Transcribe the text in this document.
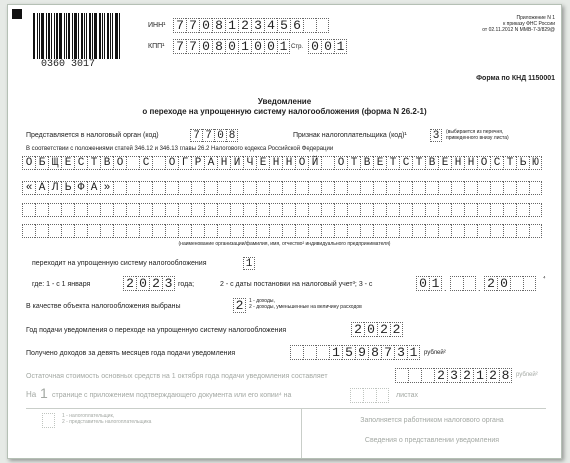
0360 3017
ИНН¹ 7 7 0 8 1 2 3 4 5 6
КПП¹ 7 7 0 8 0 1 0 0 1 Стр. 0 0 1
Приложение N 1
к приказу ФНС России
от 02.11.2012 N ММВ-7-3/829@
Форма по КНД 1150001
Уведомление
о переходе на упрощенную систему налогообложения (форма N 26.2-1)
Представляется в налоговый орган (код)	7 7 0 8	Признак налогоплательщика (код)¹ 3	(выбирается из перечня,
приведенного внизу листа)
В соответствии с положениями статей 346.12 и 346.13 главы 26.2 Налогового кодекса Российской Федерации
О Б Щ Е С Т В О	С	О Г Р А Н И Ч Е Н Н О Й	О Т В Е Т С Т В Е Н Н О С Т Ь Ю
« А Л Ь Ф А »
(наименование организации/фамилия, имя, отчество² индивидуального предпринимателя)
переходит на упрощенную систему налогообложения	1
где: 1 - с 1 января	2 0 2 3 года;	2 - с даты постановки на налоговый учет³; 3 - с	0 1 .	. 2 0	⁴
В качестве объекта налогообложения выбраны	2	1 - доходы,
2 - доходы, уменьшенные на величину расходов
Год подачи уведомления о переходе на упрощенную систему налогообложения	2 0 2 2
Получено доходов за девять месяцев года подачи уведомления	1 5 9 8 7 3 1	рублей²
Остаточная стоимость основных средств на 1 октября года подачи уведомления составляет	2 3 2 1 2 8	рублей²
На 1 странице с приложением подтверждающего документа или его копии⁴ на	листах
1 - налогоплательщик,
2 - представитель налогоплательщика	Заполняется работником налогового органа
Сведения о представлении уведомления
